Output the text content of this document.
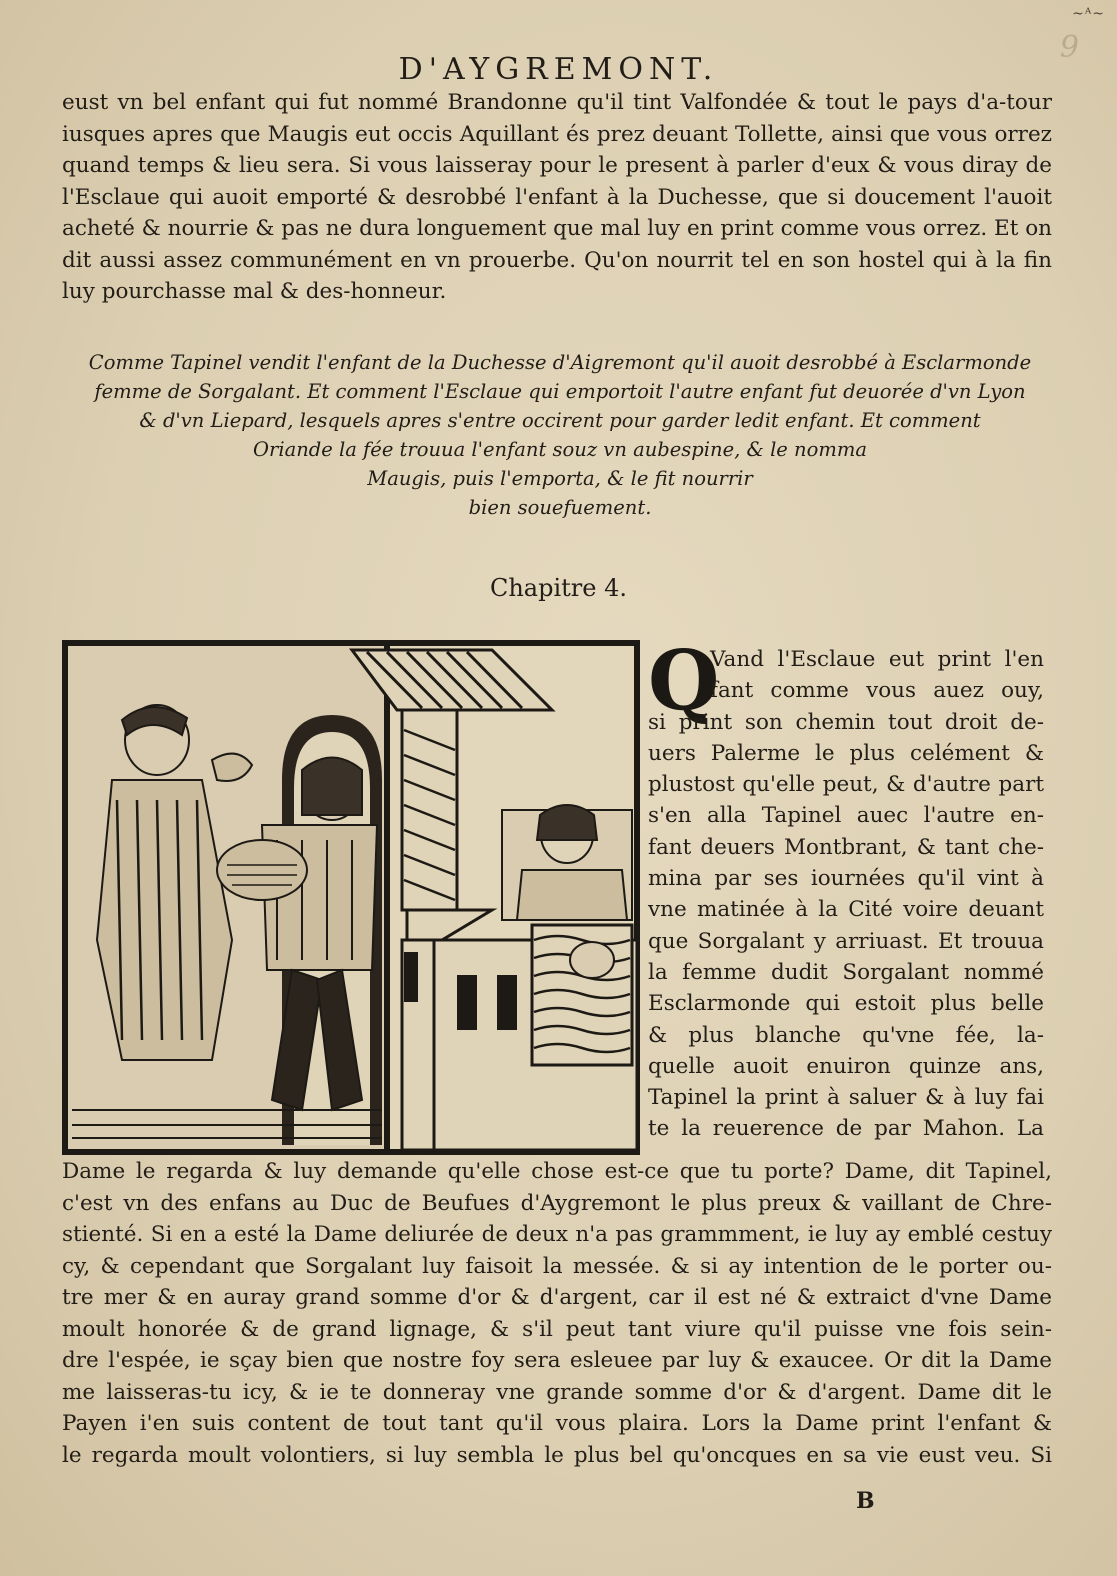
~ᴬ~
9
D'AYGREMONT.
eust vn bel enfant qui fut nommé Brandonne qu'il tint Valfondée & tout le pays d'a-tour iusques apres que Maugis eut occis Aquillant és prez deuant Tollette, ainsi que vous orrez quand temps & lieu sera. Si vous laisseray pour le present à parler d'eux & vous diray de l'Esclaue qui auoit emporté & desrobbé l'enfant à la Duchesse, que si doucement l'auoit acheté & nourrie & pas ne dura longuement que mal luy en print comme vous orrez. Et on dit aussi assez communément en vn prouerbe. Qu'on nourrit tel en son hostel qui à la fin luy pourchasse mal & des-honneur.
Comme Tapinel vendit l'enfant de la Duchesse d'Aigremont qu'il auoit desrobbé à Esclarmonde
femme de Sorgalant. Et comment l'Esclaue qui emportoit l'autre enfant fut deuorée d'vn Lyon
& d'vn Liepard, lesquels apres s'entre occirent pour garder ledit enfant. Et comment
Oriande la fée trouua l'enfant souz vn aubespine, & le nomma
Maugis, puis l'emporta, & le fit nourrir
bien souefuement.
Chapitre 4.
Q
Vand l'Esclaue eut print l'en
fant comme vous auez ouy,
si print son chemin tout droit de-
uers Palerme le plus celément &
plustost qu'elle peut, & d'autre part
s'en alla Tapinel auec l'autre en-
fant deuers Montbrant, & tant che-
mina par ses iournées qu'il vint à
vne matinée à la Cité voire deuant
que Sorgalant y arriuast. Et trouua
la femme dudit Sorgalant nommé
Esclarmonde qui estoit plus belle
& plus blanche qu'vne fée, la-
quelle auoit enuiron quinze ans,
Tapinel la print à saluer & à luy fai
te la reuerence de par Mahon. La
Dame le regarda & luy demande qu'elle chose est-ce que tu porte? Dame, dit Tapinel,
c'est vn des enfans au Duc de Beufues d'Aygremont le plus preux & vaillant de Chre-
stienté. Si en a esté la Dame deliurée de deux n'a pas grammment, ie luy ay emblé cestuy
cy, & cependant que Sorgalant luy faisoit la messée. & si ay intention de le porter ou-
tre mer & en auray grand somme d'or & d'argent, car il est né & extraict d'vne Dame
moult honorée & de grand lignage, & s'il peut tant viure qu'il puisse vne fois sein-
dre l'espée, ie sçay bien que nostre foy sera esleuee par luy & exaucee. Or dit la Dame
me laisseras-tu icy, & ie te donneray vne grande somme d'or & d'argent. Dame dit le
Payen i'en suis content de tout tant qu'il vous plaira. Lors la Dame print l'enfant &
le regarda moult volontiers, si luy sembla le plus bel qu'oncques en sa vie eust veu. Si
B
